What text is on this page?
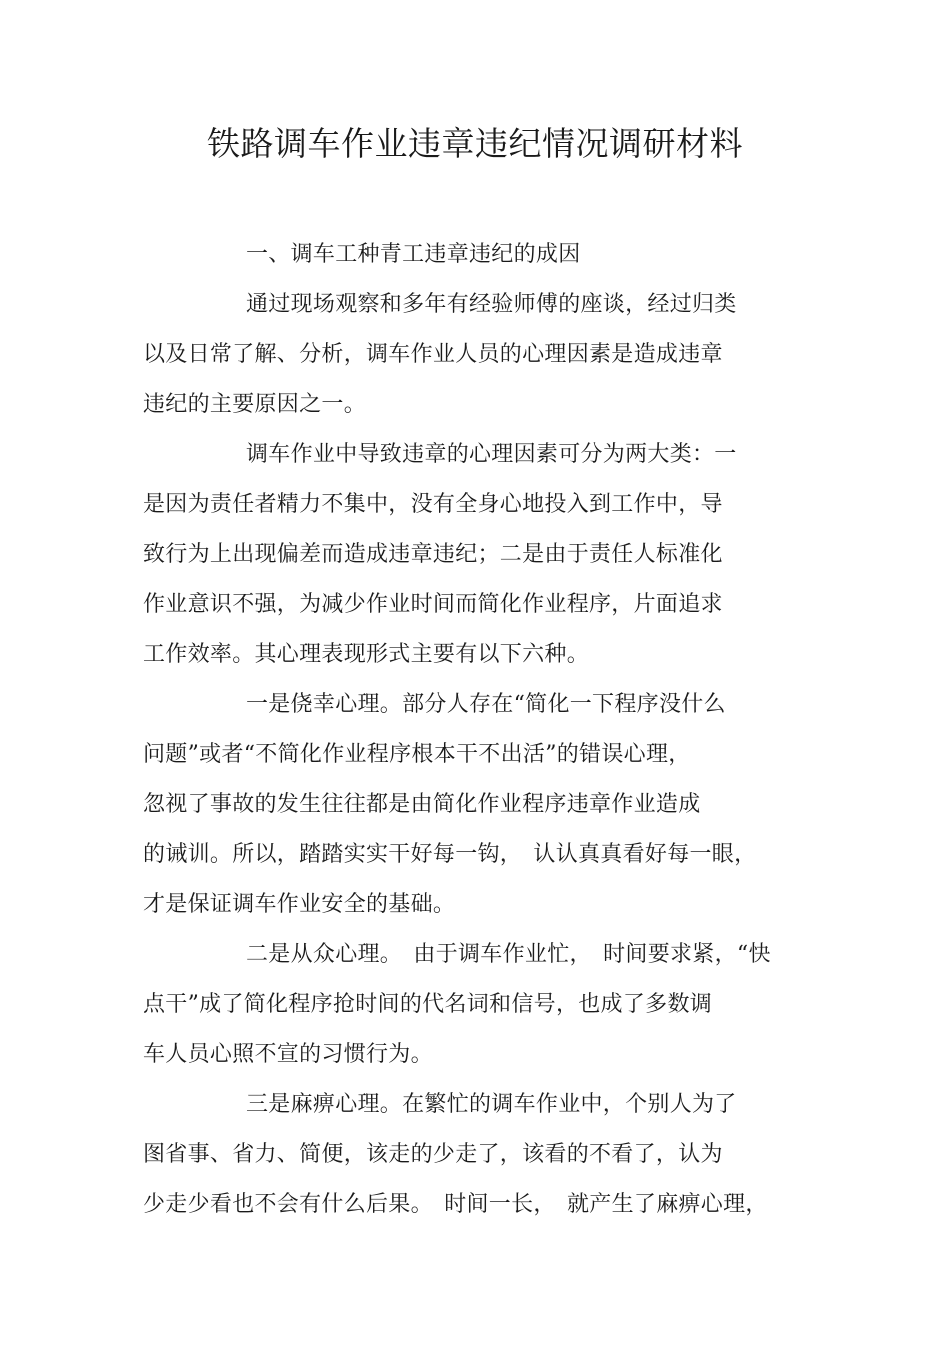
铁路调车作业违章违纪情况调研材料
一、调车工种青工违章违纪的成因
通过现场观察和多年有经验师傅的座谈，经过归类
以及日常了解、分析，调车作业人员的心理因素是造成违章
违纪的主要原因之一。
调车作业中导致违章的心理因素可分为两大类：一
是因为责任者精力不集中，没有全身心地投入到工作中，导
致行为上出现偏差而造成违章违纪；二是由于责任人标准化
作业意识不强，为减少作业时间而简化作业程序，片面追求
工作效率。其心理表现形式主要有以下六种。
一是侥幸心理。部分人存在“简化一下程序没什么
问题”或者“不简化作业程序根本干不出活”的错误心理，
忽视了事故的发生往往都是由简化作业程序违章作业造成
的诫训。所以，踏踏实实干好每一钩，　认认真真看好每一眼，
才是保证调车作业安全的基础。
二是从众心理。　由于调车作业忙，　时间要求紧，“快
点干”成了简化程序抢时间的代名词和信号，也成了多数调
车人员心照不宣的习惯行为。
三是麻痹心理。在繁忙的调车作业中，个别人为了
图省事、省力、简便，该走的少走了，该看的不看了，认为
少走少看也不会有什么后果。　时间一长，　就产生了麻痹心理，
